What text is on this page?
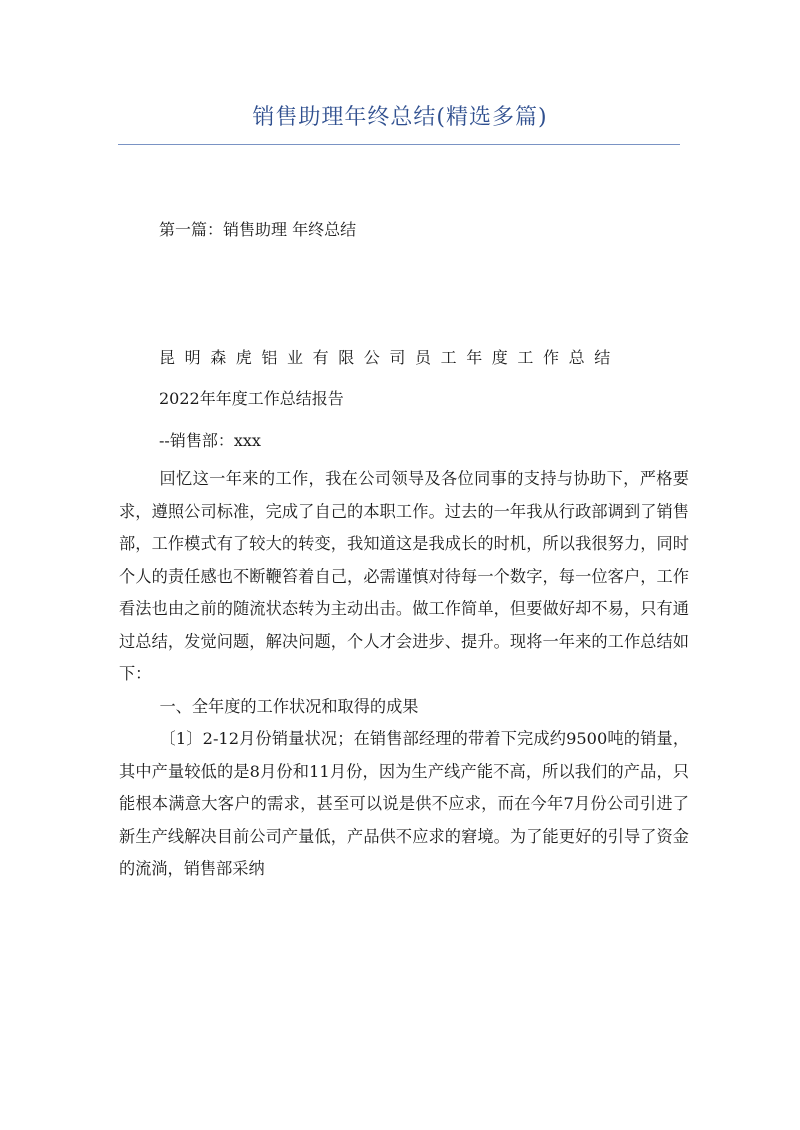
销售助理年终总结(精选多篇)
第一篇：销售助理 年终总结
昆明森虎铝业有限公司员工年度工作总结
2022年年度工作总结报告
--销售部：xxx

回忆这一年来的工作，我在公司领导及各位同事的支持与协助下，严格要求，遵照公司标准，完成了自己的本职工作。过去的一年我从行政部调到了销售部，工作模式有了较大的转变，我知道这是我成长的时机，所以我很努力，同时个人的责任感也不断鞭笞着自己，必需谨慎对待每一个数字，每一位客户，工作看法也由之前的随流状态转为主动出击。做工作简单，但要做好却不易，只有通过总结，发觉问题，解决问题，个人才会进步、提升。现将一年来的工作总结如下：

一、全年度的工作状况和取得的成果

〔1〕2-12月份销量状况；在销售部经理的带着下完成约9500吨的销量，其中产量较低的是8月份和11月份，因为生产线产能不高，所以我们的产品，只能根本满意大客户的需求，甚至可以说是供不应求，而在今年7月份公司引进了新生产线解决目前公司产量低，产品供不应求的窘境。为了能更好的引导了资金的流淌，销售部采纳
